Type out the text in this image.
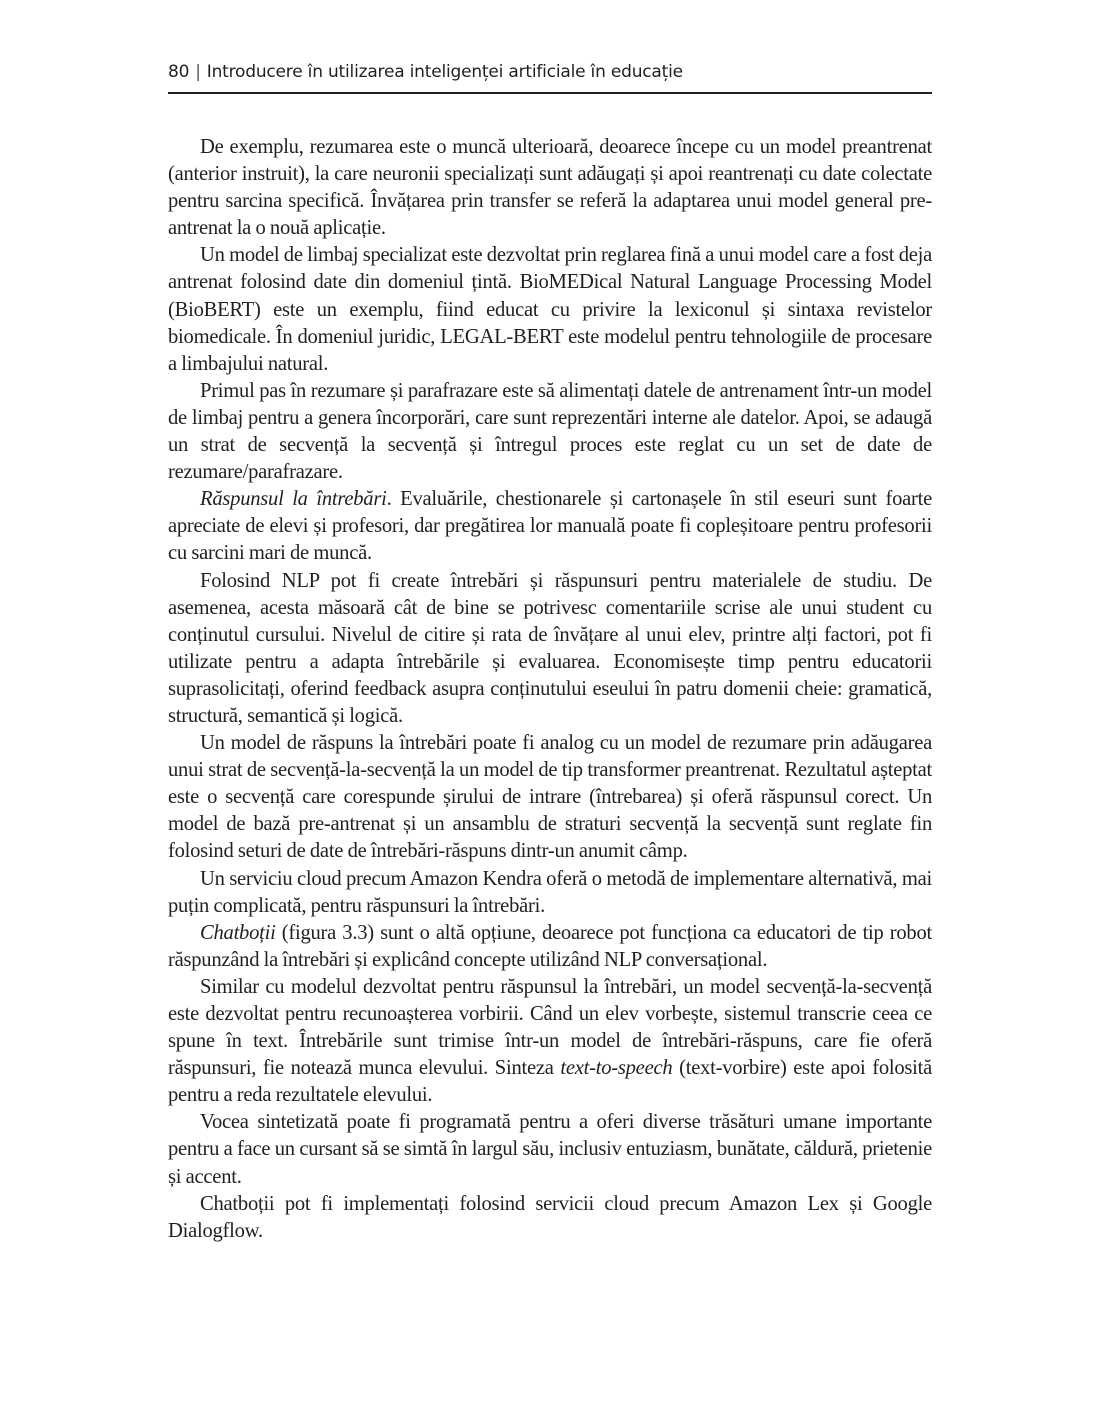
80 | Introducere în utilizarea inteligenței artificiale în educație

De exemplu, rezumarea este o muncă ulterioară, deoarece începe cu un model preantrenat (anterior instruit), la care neuronii specializați sunt adăugați și apoi reantrenați cu date colectate pentru sarcina specifică. Învățarea prin transfer se referă la adaptarea unui model general pre-antrenat la o nouă aplicație.

Un model de limbaj specializat este dezvoltat prin reglarea fină a unui model care a fost deja antrenat folosind date din domeniul țintă. BioMEDical Natural Language Processing Model (BioBERT) este un exemplu, fiind educat cu privire la lexiconul și sintaxa revistelor biomedicale. În domeniul juridic, LEGAL-BERT este modelul pentru tehnologiile de procesare a limbajului natural.

Primul pas în rezumare și parafrazare este să alimentați datele de antrenament într-un model de limbaj pentru a genera încorporări, care sunt reprezentări interne ale datelor. Apoi, se adaugă un strat de secvență la secvență și întregul proces este reglat cu un set de date de rezumare/parafrazare.

Răspunsul la întrebări. Evaluările, chestionarele și cartonașele în stil eseuri sunt foarte apreciate de elevi și profesori, dar pregătirea lor manuală poate fi copleșitoare pentru profesorii cu sarcini mari de muncă.

Folosind NLP pot fi create întrebări și răspunsuri pentru materialele de studiu. De asemenea, acesta măsoară cât de bine se potrivesc comentariile scrise ale unui student cu conținutul cursului. Nivelul de citire și rata de învățare al unui elev, printre alți factori, pot fi utilizate pentru a adapta întrebările și evaluarea. Economisește timp pentru educatorii suprasolicitați, oferind feedback asupra conținutului eseului în patru domenii cheie: gramatică, structură, semantică și logică.

Un model de răspuns la întrebări poate fi analog cu un model de rezumare prin adăugarea unui strat de secvență-la-secvență la un model de tip transformer preantrenat. Rezultatul așteptat este o secvență care corespunde șirului de intrare (întrebarea) și oferă răspunsul corect. Un model de bază pre-antrenat și un ansamblu de straturi secvență la secvență sunt reglate fin folosind seturi de date de întrebări-răspuns dintr-un anumit câmp.

Un serviciu cloud precum Amazon Kendra oferă o metodă de implementare alternativă, mai puțin complicată, pentru răspunsuri la întrebări.

Chatboții (figura 3.3) sunt o altă opțiune, deoarece pot funcționa ca educatori de tip robot răspunzând la întrebări și explicând concepte utilizând NLP conversațional.

Similar cu modelul dezvoltat pentru răspunsul la întrebări, un model secvență-la-secvență este dezvoltat pentru recunoașterea vorbirii. Când un elev vorbește, sistemul transcrie ceea ce spune în text. Întrebările sunt trimise într-un model de întrebări-răspuns, care fie oferă răspunsuri, fie notează munca elevului. Sinteza text-to-speech (text-vorbire) este apoi folosită pentru a reda rezultatele elevului.

Vocea sintetizată poate fi programată pentru a oferi diverse trăsături umane importante pentru a face un cursant să se simtă în largul său, inclusiv entuziasm, bunătate, căldură, prietenie și accent.

Chatboții pot fi implementați folosind servicii cloud precum Amazon Lex și Google Dialogflow.
